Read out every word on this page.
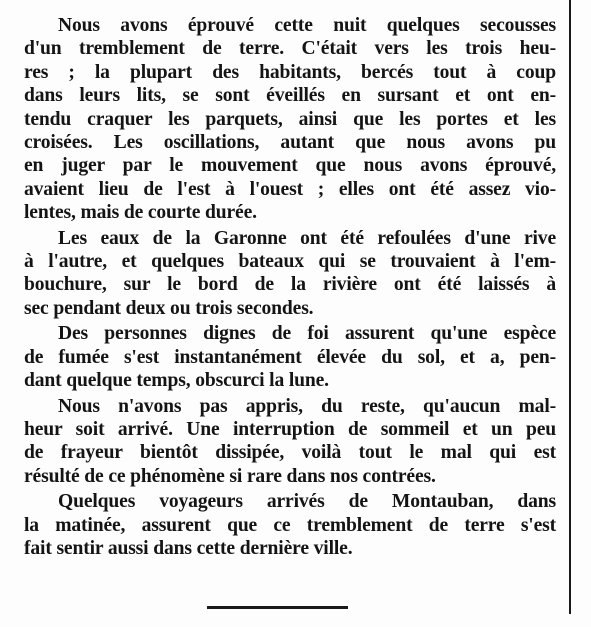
Nous avons éprouvé cette nuit quelques secousses
d'un tremblement de terre. C'était vers les trois heu-
res ; la plupart des habitants, bercés tout à coup
dans leurs lits, se sont éveillés en sursant et ont en-
tendu craquer les parquets, ainsi que les portes et les
croisées. Les oscillations, autant que nous avons pu
en juger par le mouvement que nous avons éprouvé,
avaient lieu de l'est à l'ouest ; elles ont été assez vio-
lentes, mais de courte durée.

Les eaux de la Garonne ont été refoulées d'une rive
à l'autre, et quelques bateaux qui se trouvaient à l'em-
bouchure, sur le bord de la rivière ont été laissés à
sec pendant deux ou trois secondes.

Des personnes dignes de foi assurent qu'une espèce
de fumée s'est instantanément élevée du sol, et a, pen-
dant quelque temps, obscurci la lune.

Nous n'avons pas appris, du reste, qu'aucun mal-
heur soit arrivé. Une interruption de sommeil et un peu
de frayeur bientôt dissipée, voilà tout le mal qui est
résulté de ce phénomène si rare dans nos contrées.

Quelques voyageurs arrivés de Montauban, dans
la matinée, assurent que ce tremblement de terre s'est
fait sentir aussi dans cette dernière ville.
